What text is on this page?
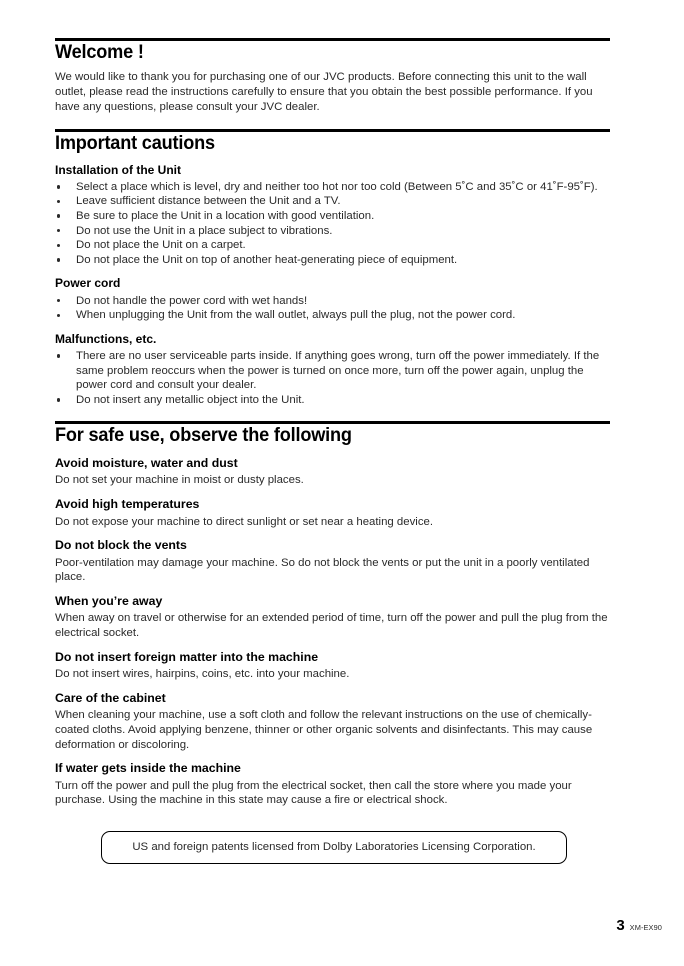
Welcome !

We would like to thank you for purchasing one of our JVC products. Before connecting this unit to the wall outlet, please read the instructions carefully to ensure that you obtain the best possible performance. If you have any questions, please consult your JVC dealer.

Important cautions
Installation of the Unit
Select a place which is level, dry and neither too hot nor too cold (Between 5˚C and 35˚C or 41˚F-95˚F).
Leave sufficient distance between the Unit and a TV.
Be sure to place the Unit in a location with good ventilation.
Do not use the Unit in a place subject to vibrations.
Do not place the Unit on a carpet.
Do not place the Unit on top of another heat-generating piece of equipment.
Power cord
Do not handle the power cord with wet hands!
When unplugging the Unit from the wall outlet, always pull the plug, not the power cord.
Malfunctions, etc.
There are no user serviceable parts inside. If anything goes wrong, turn off the power immediately. If the same problem reoccurs when the power is turned on once more, turn off the power again, unplug the power cord and consult your dealer.
Do not insert any metallic object into the Unit.
For safe use, observe the following
Avoid moisture, water and dust

Do not set your machine in moist or dusty places.

Avoid high temperatures

Do not expose your machine to direct sunlight or set near a heating device.

Do not block the vents

Poor-ventilation may damage your machine. So do not block the vents or put the unit in a poorly ventilated place.

When you’re away

When away on travel or otherwise for an extended period of time, turn off the power and pull the plug from the electrical socket.

Do not insert foreign matter into the machine

Do not insert wires, hairpins, coins, etc. into your machine.

Care of the cabinet

When cleaning your machine, use a soft cloth and follow the relevant instructions on the use of chemically-coated cloths. Avoid applying benzene, thinner or other organic solvents and disinfectants. This may cause deformation or discoloring.

If water gets inside the machine

Turn off the power and pull the plug from the electrical socket, then call the store where you made your purchase. Using the machine in this state may cause a fire or electrical shock.

US and foreign patents licensed from Dolby Laboratories Licensing Corporation.
3 XM-EX90
